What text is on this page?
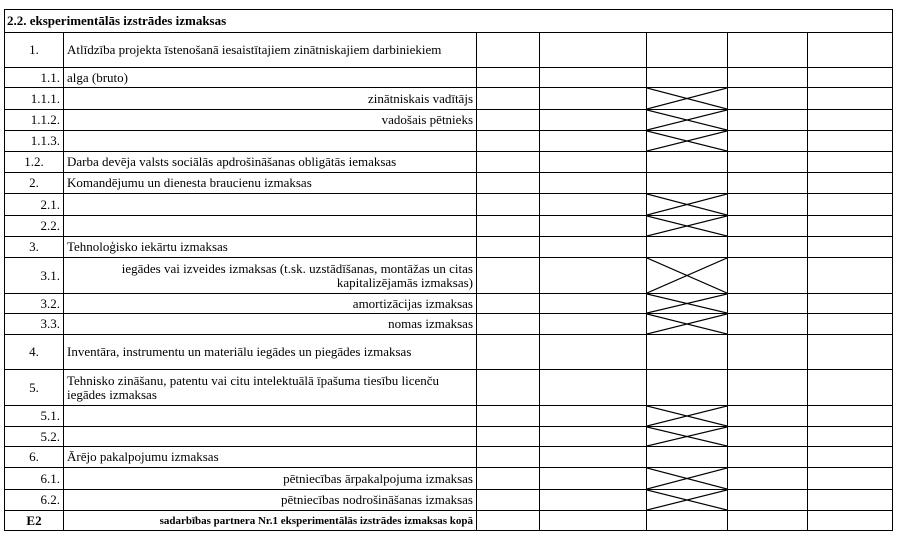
2.2. eksperimentālās izstrādes izmaksas						
1.	Atlīdzība projekta īstenošanā iesaistītajiem zinātniskajiem darbiniekiem					
1.1.	alga (bruto)					
1.1.1.	zinātniskais vadītājs			

1.1.2.	vadošais pētnieks			

1.1.3.				

1.2.	Darba devēja valsts sociālās apdrošināšanas obligātās iemaksas					
2.	Komandējumu un dienesta braucienu izmaksas					
2.1.				

2.2.				

3.	Tehnoloģisko iekārtu izmaksas					
3.1.	iegādes vai izveides izmaksas (t.sk. uzstādīšanas, montāžas un citas kapitalizējamās izmaksas)			

3.2.	amortizācijas izmaksas			

3.3.	nomas izmaksas			

4.	Inventāra, instrumentu un materiālu iegādes un piegādes izmaksas					
5.	Tehnisko zināšanu, patentu vai citu intelektuālā īpašuma tiesību licenču iegādes izmaksas					
5.1.				

5.2.				

6.	Ārējo pakalpojumu izmaksas					
6.1.	pētniecības ārpakalpojuma izmaksas			

6.2.	pētniecības nodrošināšanas izmaksas			

E2	sadarbības partnera Nr.1 eksperimentālās izstrādes izmaksas kopā					
